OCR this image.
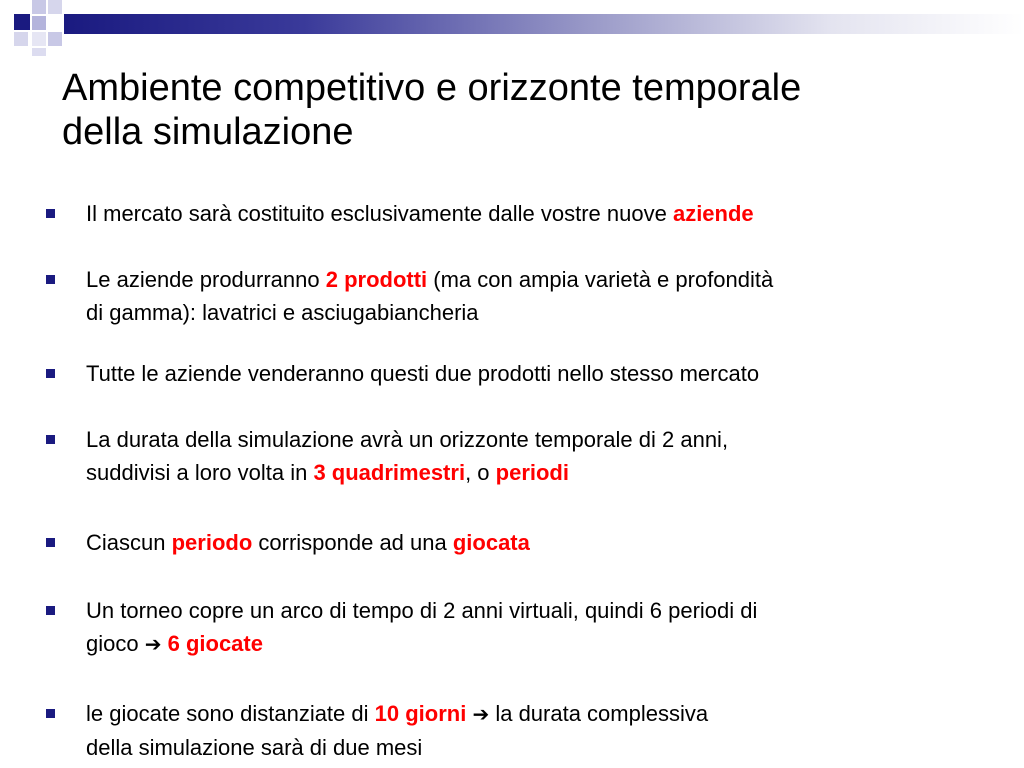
Ambiente competitivo e orizzonte temporale
della simulazione
Il mercato sarà costituito esclusivamente dalle vostre nuove aziende
Le aziende produrranno 2 prodotti (ma con ampia varietà e profondità
di gamma): lavatrici e asciugabiancheria
Tutte le aziende venderanno questi due prodotti nello stesso mercato
La durata della simulazione avrà un orizzonte temporale di 2 anni,
suddivisi a loro volta in 3 quadrimestri, o periodi
Ciascun periodo corrisponde ad una giocata
Un torneo copre un arco di tempo di 2 anni virtuali, quindi 6 periodi di
gioco ➔ 6 giocate
le giocate sono distanziate di 10 giorni ➔ la durata complessiva
della simulazione sarà di due mesi
